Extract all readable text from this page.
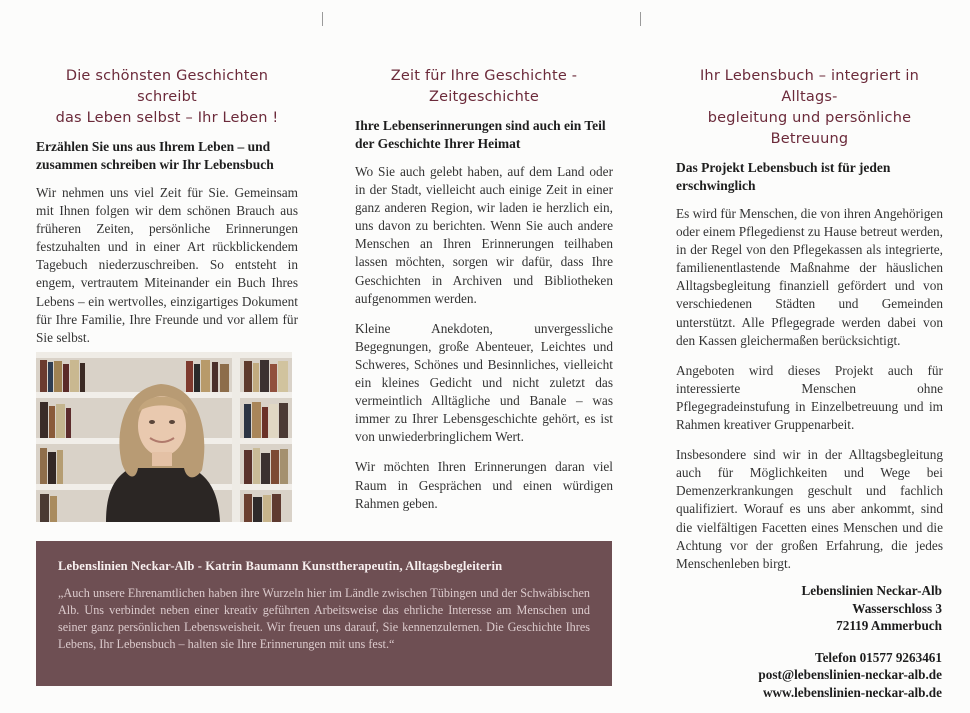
Die schönsten Geschichten schreibt
das Leben selbst – Ihr Leben !

Erzählen Sie uns aus Ihrem Leben – und zusammen schreiben wir Ihr Lebensbuch

Wir nehmen uns viel Zeit für Sie. Gemeinsam mit Ihnen folgen wir dem schönen Brauch aus früheren Zeiten, persönliche Erinnerungen festzuhalten und in einer Art rückblickendem Tagebuch niederzuschreiben. So entsteht in engem, vertrautem Miteinander ein Buch Ihres Lebens – ein wertvolles, einzigartiges Dokument für Ihre Familie, Ihre Freunde und vor allem für Sie selbst.

Zeit für Ihre Geschichte -
Zeitgeschichte

Ihre Lebenserinnerungen sind auch ein Teil der Geschichte Ihrer Heimat

Wo Sie auch gelebt haben, auf dem Land oder in der Stadt, vielleicht auch einige Zeit in einer ganz anderen Region, wir laden ie herzlich ein, uns davon zu berichten. Wenn Sie auch andere Menschen an Ihren Erinnerungen teilhaben lassen möchten, sorgen wir dafür, dass Ihre Geschichten in Archiven und Bibliotheken aufgenommen werden.

Kleine Anekdoten, unvergessliche Begegnungen, große Abenteuer, Leichtes und Schweres, Schönes und Besinnliches, vielleicht ein kleines Gedicht und nicht zuletzt das vermeintlich Alltägliche und Banale – was immer zu Ihrer Lebensgeschichte gehört, es ist von unwiederbringlichem Wert.

Wir möchten Ihren Erinnerungen daran viel Raum in Gesprächen und einen würdigen Rahmen geben.

Ihr Lebensbuch – integriert in Alltags-
begleitung und persönliche Betreuung

Das Projekt Lebensbuch ist für jeden erschwinglich

Es wird für Menschen, die von ihren Angehörigen oder einem Pflegedienst zu Hause betreut werden, in der Regel von den Pflegekassen als integrierte, familienentlastende Maßnahme der häuslichen Alltagsbegleitung finanziell gefördert und von verschiedenen Städten und Gemeinden unterstützt. Alle Pflegegrade werden dabei von den Kassen gleichermaßen berücksichtigt.

Angeboten wird dieses Projekt auch für interessierte Menschen ohne Pflegegradeinstufung in Einzelbetreuung und im Rahmen kreativer Gruppenarbeit.

Insbesondere sind wir in der Alltagsbegleitung auch für Möglichkeiten und Wege bei Demenzerkrankungen geschult und fachlich qualifiziert. Worauf es uns aber ankommt, sind die vielfältigen Facetten eines Menschen und die Achtung vor der großen Erfahrung, die jedes Menschenleben birgt.

Lebenslinien Neckar-Alb - Katrin Baumann Kunsttherapeutin, Alltagsbegleiterin
„Auch unsere Ehrenamtlichen haben ihre Wurzeln hier im Ländle zwischen Tübingen und der Schwäbischen Alb. Uns verbindet neben einer kreativ geführten Arbeitsweise das ehrliche Interesse am Menschen und seiner ganz persönlichen Lebensweisheit. Wir freuen uns darauf, Sie kennenzulernen. Die Geschichte Ihres Lebens, Ihr Lebensbuch – halten sie Ihre Erinnerungen mit uns fest.“
Lebenslinien Neckar-Alb
Wasserschloss 3
72119 Ammerbuch
Telefon 01577 9263461
post@lebenslinien-neckar-alb.de
www.lebenslinien-neckar-alb.de
